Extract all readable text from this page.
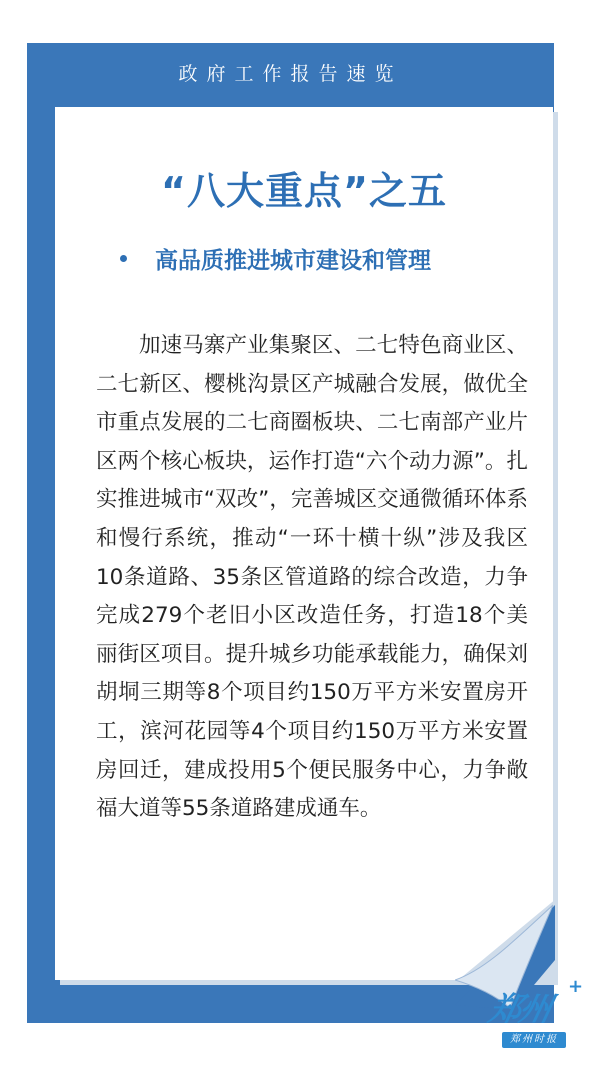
政府工作报告速览
“八大重点”之五
高品质推进城市建设和管理

加速马寨产业集聚区、二七特色商业区、二七新区、樱桃沟景区产城融合发展，做优全市重点发展的二七商圈板块、二七南部产业片区两个核心板块，运作打造“六个动力源”。扎实推进城市“双改”，完善城区交通微循环体系和慢行系统，推动“一环十横十纵”涉及我区10条道路、35条区管道路的综合改造，力争完成279个老旧小区改造任务，打造18个美丽街区项目。提升城乡功能承载能力，确保刘胡垌三期等8个项目约150万平方米安置房开工，滨河花园等4个项目约150万平方米安置房回迁，建成投用5个便民服务中心，力争敞福大道等55条道路建成通车。

郑州
+
郑州时报
